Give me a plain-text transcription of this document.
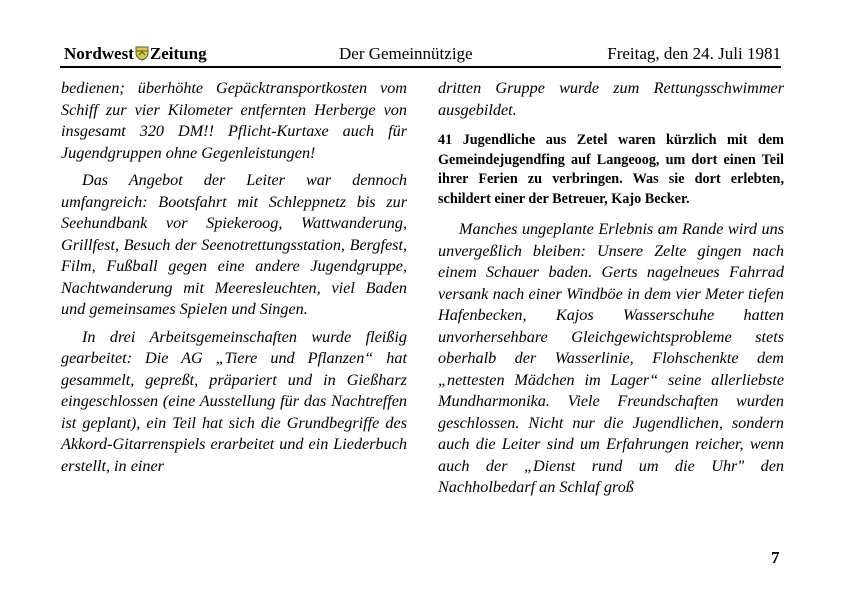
Nordwest Zeitung	Der Gemeinnützige	Freitag, den 24. Juli 1981

bedienen; überhöhte Gepäcktransportkosten vom Schiff zur vier Kilometer entfernten Herberge von insgesamt 320 DM!! Pflicht-Kurtaxe auch für Jugendgruppen ohne Gegenleistungen!

Das Angebot der Leiter war dennoch umfangreich: Bootsfahrt mit Schleppnetz bis zur Seehundbank vor Spiekeroog, Wattwanderung, Grillfest, Besuch der Seenotrettungsstation, Bergfest, Film, Fußball gegen eine andere Jugendgruppe, Nachtwanderung mit Meeresleuchten, viel Baden und gemeinsames Spielen und Singen.

In drei Arbeitsgemeinschaften wurde fleißig gearbeitet: Die AG „Tiere und Pflanzen“ hat gesammelt, gepreßt, präpariert und in Gießharz eingeschlossen (eine Ausstellung für das Nachtreffen ist geplant), ein Teil hat sich die Grundbegriffe des Akkord-Gitarrenspiels erarbeitet und ein Liederbuch erstellt, in einer

dritten Gruppe wurde zum Rettungsschwimmer ausgebildet.

41 Jugendliche aus Zetel waren kürzlich mit dem Gemeindejugendfing auf Langeoog, um dort einen Teil ihrer Ferien zu verbringen. Was sie dort erlebten, schildert einer der Betreuer, Kajo Becker.

Manches ungeplante Erlebnis am Rande wird uns unvergeßlich bleiben: Unsere Zelte gingen nach einem Schauer baden. Gerts nagelneues Fahrrad versank nach einer Windböe in dem vier Meter tiefen Hafenbecken, Kajos Wasserschuhe hatten unvorhersehbare Gleichgewichtsprobleme stets oberhalb der Wasserlinie, Flohschenkte dem „nettesten Mädchen im Lager“ seine allerliebste Mundharmonika. Viele Freundschaften wurden geschlossen. Nicht nur die Jugendlichen, sondern auch die Leiter sind um Erfahrungen reicher, wenn auch der „Dienst rund um die Uhr" den Nachholbedarf an Schlaf groß

7
